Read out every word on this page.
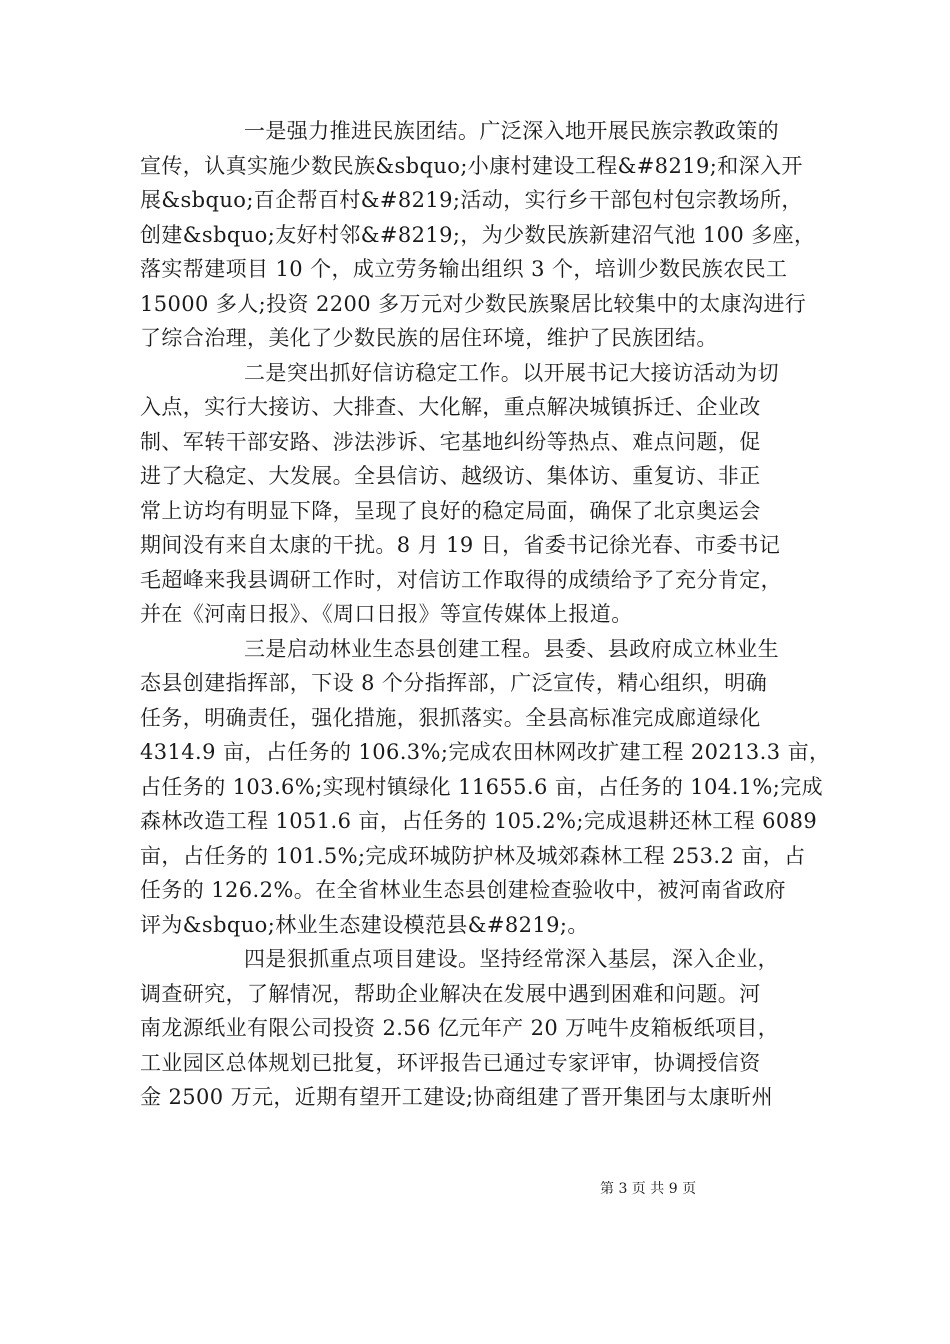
一是强力推进民族团结。广泛深入地开展民族宗教政策的
宣传，认真实施少数民族&sbquo;小康村建设工程&#8219;和深入开
展&sbquo;百企帮百村&#8219;活动，实行乡干部包村包宗教场所，
创建&sbquo;友好村邻&#8219;，为少数民族新建沼气池 100 多座，
落实帮建项目 10 个，成立劳务输出组织 3 个，培训少数民族农民工
15000 多人;投资 2200 多万元对少数民族聚居比较集中的太康沟进行
了综合治理，美化了少数民族的居住环境，维护了民族团结。
二是突出抓好信访稳定工作。以开展书记大接访活动为切
入点，实行大接访、大排查、大化解，重点解决城镇拆迁、企业改
制、军转干部安路、涉法涉诉、宅基地纠纷等热点、难点问题，促
进了大稳定、大发展。全县信访、越级访、集体访、重复访、非正
常上访均有明显下降，呈现了良好的稳定局面，确保了北京奥运会
期间没有来自太康的干扰。8 月 19 日，省委书记徐光春、市委书记
毛超峰来我县调研工作时，对信访工作取得的成绩给予了充分肯定，
并在《河南日报》、《周口日报》等宣传媒体上报道。
三是启动林业生态县创建工程。县委、县政府成立林业生
态县创建指挥部，下设 8 个分指挥部，广泛宣传，精心组织，明确
任务，明确责任，强化措施，狠抓落实。全县高标准完成廊道绿化
4314.9 亩，占任务的 106.3%;完成农田林网改扩建工程 20213.3 亩，
占任务的 103.6%;实现村镇绿化 11655.6 亩，占任务的 104.1%;完成
森林改造工程 1051.6 亩，占任务的 105.2%;完成退耕还林工程 6089
亩，占任务的 101.5%;完成环城防护林及城郊森林工程 253.2 亩，占
任务的 126.2%。在全省林业生态县创建检查验收中，被河南省政府
评为&sbquo;林业生态建设模范县&#8219;。
四是狠抓重点项目建设。坚持经常深入基层，深入企业，
调查研究，了解情况，帮助企业解决在发展中遇到困难和问题。河
南龙源纸业有限公司投资 2.56 亿元年产 20 万吨牛皮箱板纸项目，
工业园区总体规划已批复，环评报告已通过专家评审，协调授信资
金 2500 万元，近期有望开工建设;协商组建了晋开集团与太康昕州
第 3 页 共 9 页
